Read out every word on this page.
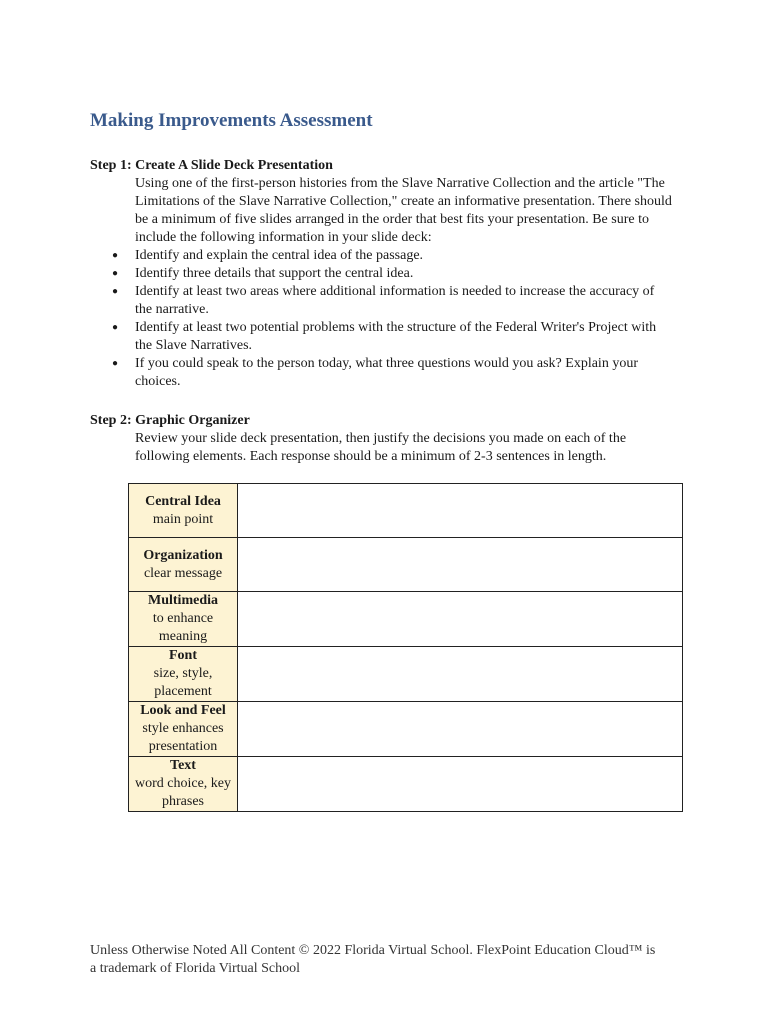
Making Improvements Assessment

Step 1: Create A Slide Deck Presentation

Using one of the first-person histories from the Slave Narrative Collection and the article "The Limitations of the Slave Narrative Collection," create an informative presentation. There should be a minimum of five slides arranged in the order that best fits your presentation. Be sure to include the following information in your slide deck:

● Identify and explain the central idea of the passage.
● Identify three details that support the central idea.
● Identify at least two areas where additional information is needed to increase the accuracy of the narrative.
● Identify at least two potential problems with the structure of the Federal Writer's Project with the Slave Narratives.
● If you could speak to the person today, what three questions would you ask? Explain your choices.

Step 2: Graphic Organizer

Review your slide deck presentation, then justify the decisions you made on each of the following elements. Each response should be a minimum of 2-3 sentences in length.

Central Idea
main point	

Organization
clear message	

Multimedia
to enhance meaning	

Font
size, style, placement	

Look and Feel
style enhances presentation	

Text
word choice, key phrases	

Unless Otherwise Noted All Content © 2022 Florida Virtual School. FlexPoint Education Cloud™ is a trademark of Florida Virtual School
